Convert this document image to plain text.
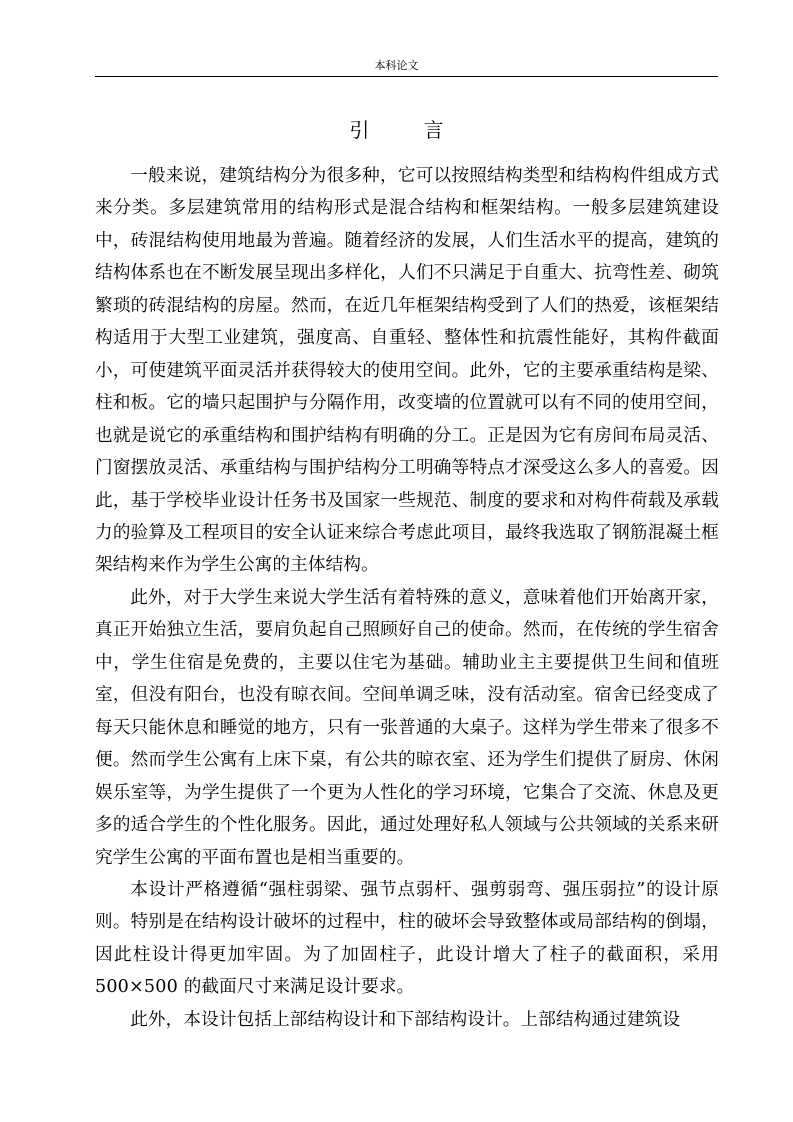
本科论文
引 言

一般来说，建筑结构分为很多种，它可以按照结构类型和结构构件组成方式来分类。多层建筑常用的结构形式是混合结构和框架结构。一般多层建筑建设中，砖混结构使用地最为普遍。随着经济的发展，人们生活水平的提高，建筑的结构体系也在不断发展呈现出多样化，人们不只满足于自重大、抗弯性差、砌筑繁琐的砖混结构的房屋。然而，在近几年框架结构受到了人们的热爱，该框架结构适用于大型工业建筑，强度高、自重轻、整体性和抗震性能好，其构件截面小，可使建筑平面灵活并获得较大的使用空间。此外，它的主要承重结构是梁、柱和板。它的墙只起围护与分隔作用，改变墙的位置就可以有不同的使用空间，也就是说它的承重结构和围护结构有明确的分工。正是因为它有房间布局灵活、门窗摆放灵活、承重结构与围护结构分工明确等特点才深受这么多人的喜爱。因此，基于学校毕业设计任务书及国家一些规范、制度的要求和对构件荷载及承载力的验算及工程项目的安全认证来综合考虑此项目，最终我选取了钢筋混凝土框架结构来作为学生公寓的主体结构。

此外，对于大学生来说大学生活有着特殊的意义，意味着他们开始离开家，真正开始独立生活，要肩负起自己照顾好自己的使命。然而，在传统的学生宿舍中，学生住宿是免费的，主要以住宅为基础。辅助业主主要提供卫生间和值班室，但没有阳台，也没有晾衣间。空间单调乏味，没有活动室。宿舍已经变成了每天只能休息和睡觉的地方，只有一张普通的大桌子。这样为学生带来了很多不便。然而学生公寓有上床下桌，有公共的晾衣室、还为学生们提供了厨房、休闲娱乐室等，为学生提供了一个更为人性化的学习环境，它集合了交流、休息及更多的适合学生的个性化服务。因此，通过处理好私人领域与公共领域的关系来研究学生公寓的平面布置也是相当重要的。

本设计严格遵循“强柱弱梁、强节点弱杆、强剪弱弯、强压弱拉”的设计原则。特别是在结构设计破坏的过程中，柱的破坏会导致整体或局部结构的倒塌，因此柱设计得更加牢固。为了加固柱子，此设计增大了柱子的截面积，采用 500×500 的截面尺寸来满足设计要求。

此外，本设计包括上部结构设计和下部结构设计。上部结构通过建筑设
